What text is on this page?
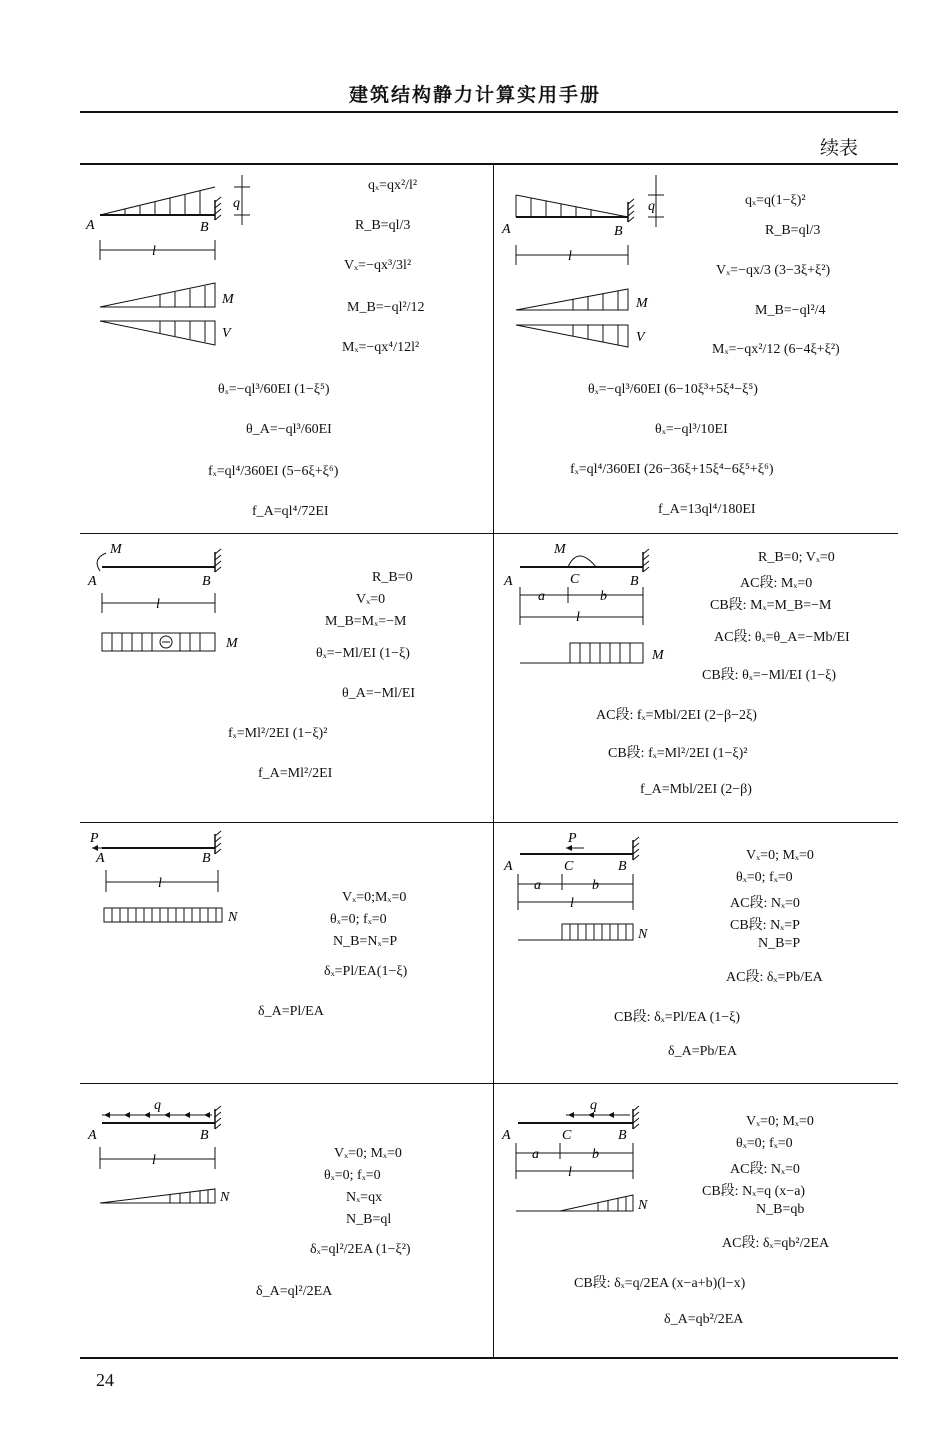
建筑结构静力计算实用手册
续表
q
A	B
l
M
V
qₓ=qx²/l²
R_B=ql/3
Vₓ=−qx³/3l²
M_B=−ql²/12
Mₓ=−qx⁴/12l²
θₓ=−ql³/60EI (1−ξ⁵)
θ_A=−ql³/60EI
fₓ=ql⁴/360EI (5−6ξ+ξ⁶)
f_A=ql⁴/72EI
q
A	B
l
M
V
qₓ=q(1−ξ)²
R_B=ql/3
Vₓ=−qx/3 (3−3ξ+ξ²)
M_B=−ql²/4
Mₓ=−qx²/12 (6−4ξ+ξ²)
θₓ=−ql³/60EI (6−10ξ³+5ξ⁴−ξ⁵)
θₓ=−ql³/10EI
fₓ=ql⁴/360EI (26−36ξ+15ξ⁴−6ξ⁵+ξ⁶)
f_A=13ql⁴/180EI
M
A	B
l
M
R_B=0
Vₓ=0
M_B=Mₓ=−M
θₓ=−Ml/EI (1−ξ)
θ_A=−Ml/EI
fₓ=Ml²/2EI (1−ξ)²
f_A=Ml²/2EI
M
A	C	B
a	b
l
M
R_B=0; Vₓ=0
AC段: Mₓ=0
CB段: Mₓ=M_B=−M
AC段: θₓ=θ_A=−Mb/EI
CB段: θₓ=−Ml/EI (1−ξ)
AC段: fₓ=Mbl/2EI (2−β−2ξ)
CB段: fₓ=Ml²/2EI (1−ξ)²
f_A=Mbl/2EI (2−β)
P
A	B
l
N
Vₓ=0;Mₓ=0
θₓ=0; fₓ=0
N_B=Nₓ=P
δₓ=Pl/EA(1−ξ)
δ_A=Pl/EA
P
A	C	B
a	b
l
N
Vₓ=0; Mₓ=0
θₓ=0; fₓ=0
AC段: Nₓ=0
CB段: Nₓ=P
N_B=P
AC段: δₓ=Pb/EA
CB段: δₓ=Pl/EA (1−ξ)
δ_A=Pb/EA
q
A	B
l
N
Vₓ=0; Mₓ=0
θₓ=0; fₓ=0
Nₓ=qx
N_B=ql
δₓ=ql²/2EA (1−ξ²)
δ_A=ql²/2EA
q
A	C	B
a	b
l
N
Vₓ=0; Mₓ=0
θₓ=0; fₓ=0
AC段: Nₓ=0
CB段: Nₓ=q (x−a)
N_B=qb
AC段: δₓ=qb²/2EA
CB段: δₓ=q/2EA (x−a+b)(l−x)
δ_A=qb²/2EA
24
